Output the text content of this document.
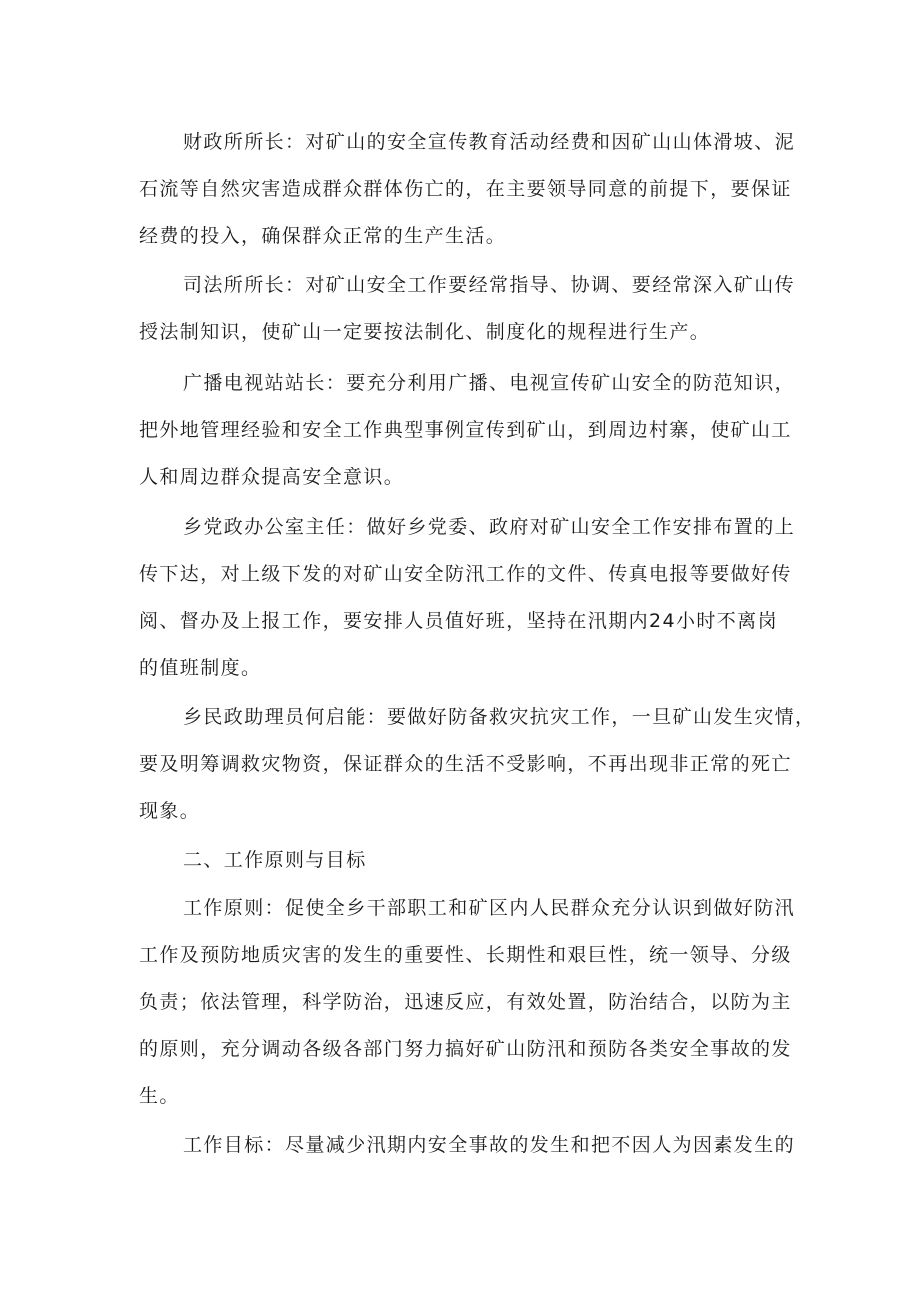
财政所所长：对矿山的安全宣传教育活动经费和因矿山山体滑坡、泥
石流等自然灾害造成群众群体伤亡的，在主要领导同意的前提下，要保证
经费的投入，确保群众正常的生产生活。
司法所所长：对矿山安全工作要经常指导、协调、要经常深入矿山传
授法制知识，使矿山一定要按法制化、制度化的规程进行生产。
广播电视站站长：要充分利用广播、电视宣传矿山安全的防范知识，
把外地管理经验和安全工作典型事例宣传到矿山，到周边村寨，使矿山工
人和周边群众提高安全意识。
乡党政办公室主任：做好乡党委、政府对矿山安全工作安排布置的上
传下达，对上级下发的对矿山安全防汛工作的文件、传真电报等要做好传
阅、督办及上报工作，要安排人员值好班，坚持在汛期内24小时不离岗
的值班制度。
乡民政助理员何启能：要做好防备救灾抗灾工作，一旦矿山发生灾情，
要及明筹调救灾物资，保证群众的生活不受影响，不再出现非正常的死亡
现象。
二、工作原则与目标
工作原则：促使全乡干部职工和矿区内人民群众充分认识到做好防汛
工作及预防地质灾害的发生的重要性、长期性和艰巨性，统一领导、分级
负责；依法管理，科学防治，迅速反应，有效处置，防治结合，以防为主
的原则，充分调动各级各部门努力搞好矿山防汛和预防各类安全事故的发
生。
工作目标：尽量减少汛期内安全事故的发生和把不因人为因素发生的
